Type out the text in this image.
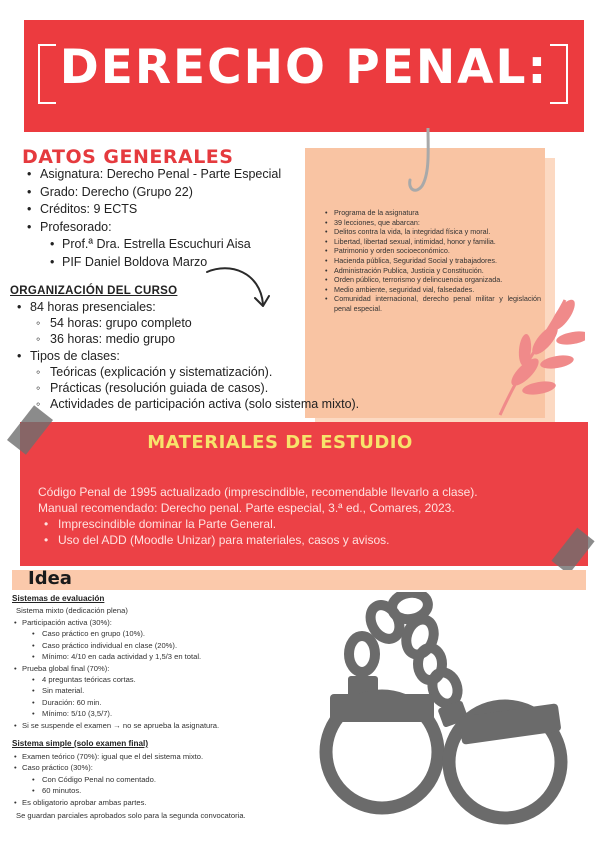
DERECHO PENAL:
• Programa de la asignatura
• 39 lecciones, que abarcan:
• Delitos contra la vida, la integridad física y moral.
• Libertad, libertad sexual, intimidad, honor y familia.
• Patrimonio y orden socioeconómico.
• Hacienda pública, Seguridad Social y trabajadores.
• Administración Publica, Justicia y Constitución.
• Orden público, terrorismo y delincuencia organizada.
• Medio ambiente, seguridad vial, falsedades.
• Comunidad internacional, derecho penal militar y legislación penal especial.
DATOS GENERALES
• Asignatura: Derecho Penal - Parte Especial
• Grado: Derecho (Grupo 22)
• Créditos: 9 ECTS
• Profesorado:
• Prof.ª Dra. Estrella Escuchuri Aisa
• PIF Daniel Boldova Marzo
ORGANIZACIÓN DEL CURSO
• 84 horas presenciales:
◦ 54 horas: grupo completo
◦ 36 horas: medio grupo
• Tipos de clases:
◦ Teóricas (explicación y sistematización).
◦ Prácticas (resolución guiada de casos).
◦ Actividades de participación activa (solo sistema mixto).
MATERIALES DE ESTUDIO
Código Penal de 1995 actualizado (imprescindible, recomendable llevarlo a clase).
Manual recomendado: Derecho penal. Parte especial, 3.ª ed., Comares, 2023.
• Imprescindible dominar la Parte General.
• Uso del ADD (Moodle Unizar) para materiales, casos y avisos.
Idea
Sistemas de evaluación
Sistema mixto (dedicación plena)
• Participación activa (30%):
• Caso práctico en grupo (10%).
• Caso práctico individual en clase (20%).
• Mínimo: 4/10 en cada actividad y 1,5/3 en total.
• Prueba global final (70%):
• 4 preguntas teóricas cortas.
• Sin material.
• Duración: 60 min.
• Mínimo: 5/10 (3,5/7).
• Si se suspende el examen → no se aprueba la asignatura.
Sistema simple (solo examen final)
• Examen teórico (70%): igual que el del sistema mixto.
• Caso práctico (30%):
• Con Código Penal no comentado.
• 60 minutos.
• Es obligatorio aprobar ambas partes.
Se guardan parciales aprobados solo para la segunda convocatoria.
